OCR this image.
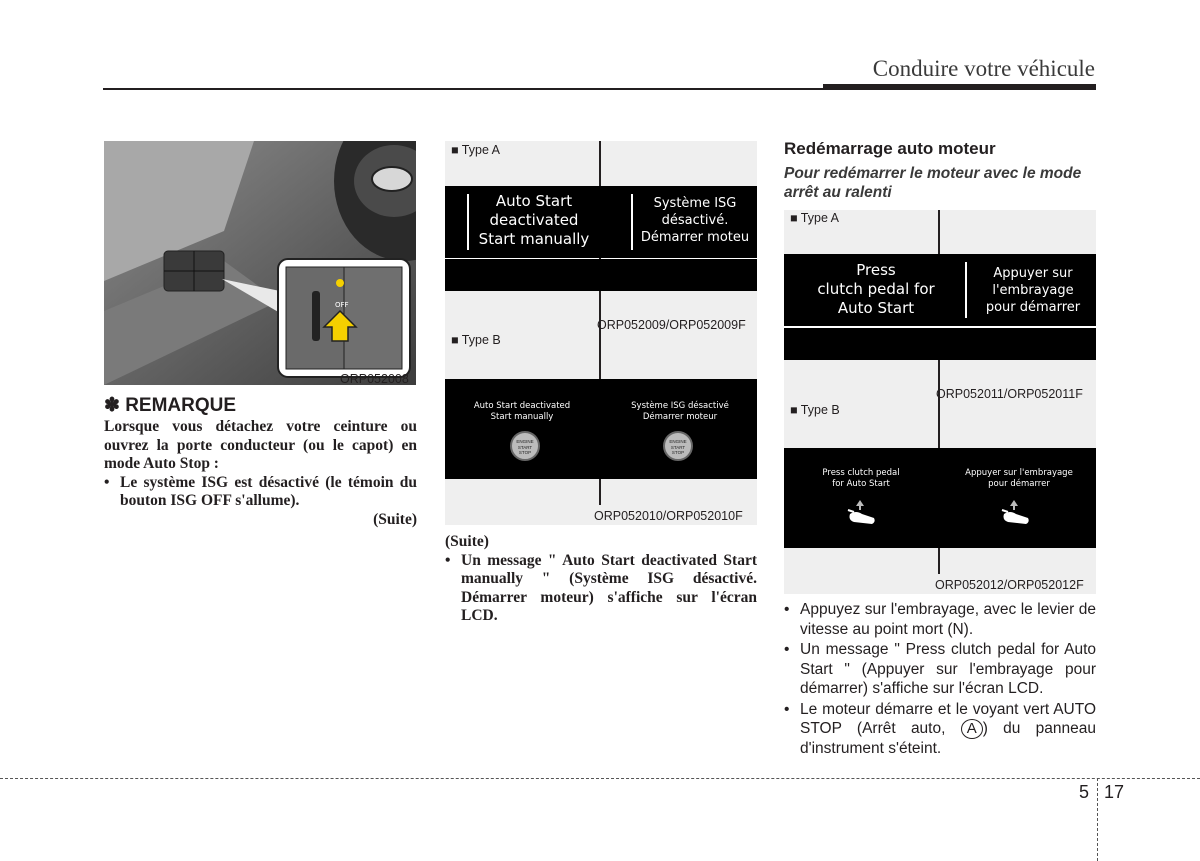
Conduire votre véhicule
OFF
ORP052008
✽ REMARQUE
Lorsque vous détachez votre ceinture ou ouvrez la porte conducteur (ou le capot) en mode Auto Stop :
• Le système ISG est désactivé (le témoin du bouton ISG OFF s'allume).
(Suite)
■ Type A
Auto Start
deactivated
Start manually
Système ISG
désactivé.
Démarrer moteu
ORP052009/ORP052009F
■ Type B
Auto Start deactivated
Start manually
ENGINE
START
STOP
Système ISG désactivé
Démarrer moteur
ENGINE
START
STOP
ORP052010/ORP052010F
(Suite)
• Un message " Auto Start deactivated Start manually " (Système ISG désactivé. Démarrer moteur) s'affiche sur l'écran LCD.
Redémarrage auto moteur
Pour redémarrer le moteur avec le mode arrêt au ralenti
■ Type A
Press
clutch pedal for
Auto Start
Appuyer sur
l'embrayage
pour démarrer
ORP052011/ORP052011F
■ Type B
Press clutch pedal
for Auto Start
Appuyer sur l'embrayage
pour démarrer
ORP052012/ORP052012F
• Appuyez sur l'embrayage, avec le levier de vitesse au point mort (N).
• Un message " Press clutch pedal for Auto Start " (Appuyer sur l'embrayage pour démarrer) s'affiche sur l'écran LCD.
• Le moteur démarre et le voyant vert AUTO STOP (Arrêt auto, A ) du panneau d'instrument s'éteint.
5 17
